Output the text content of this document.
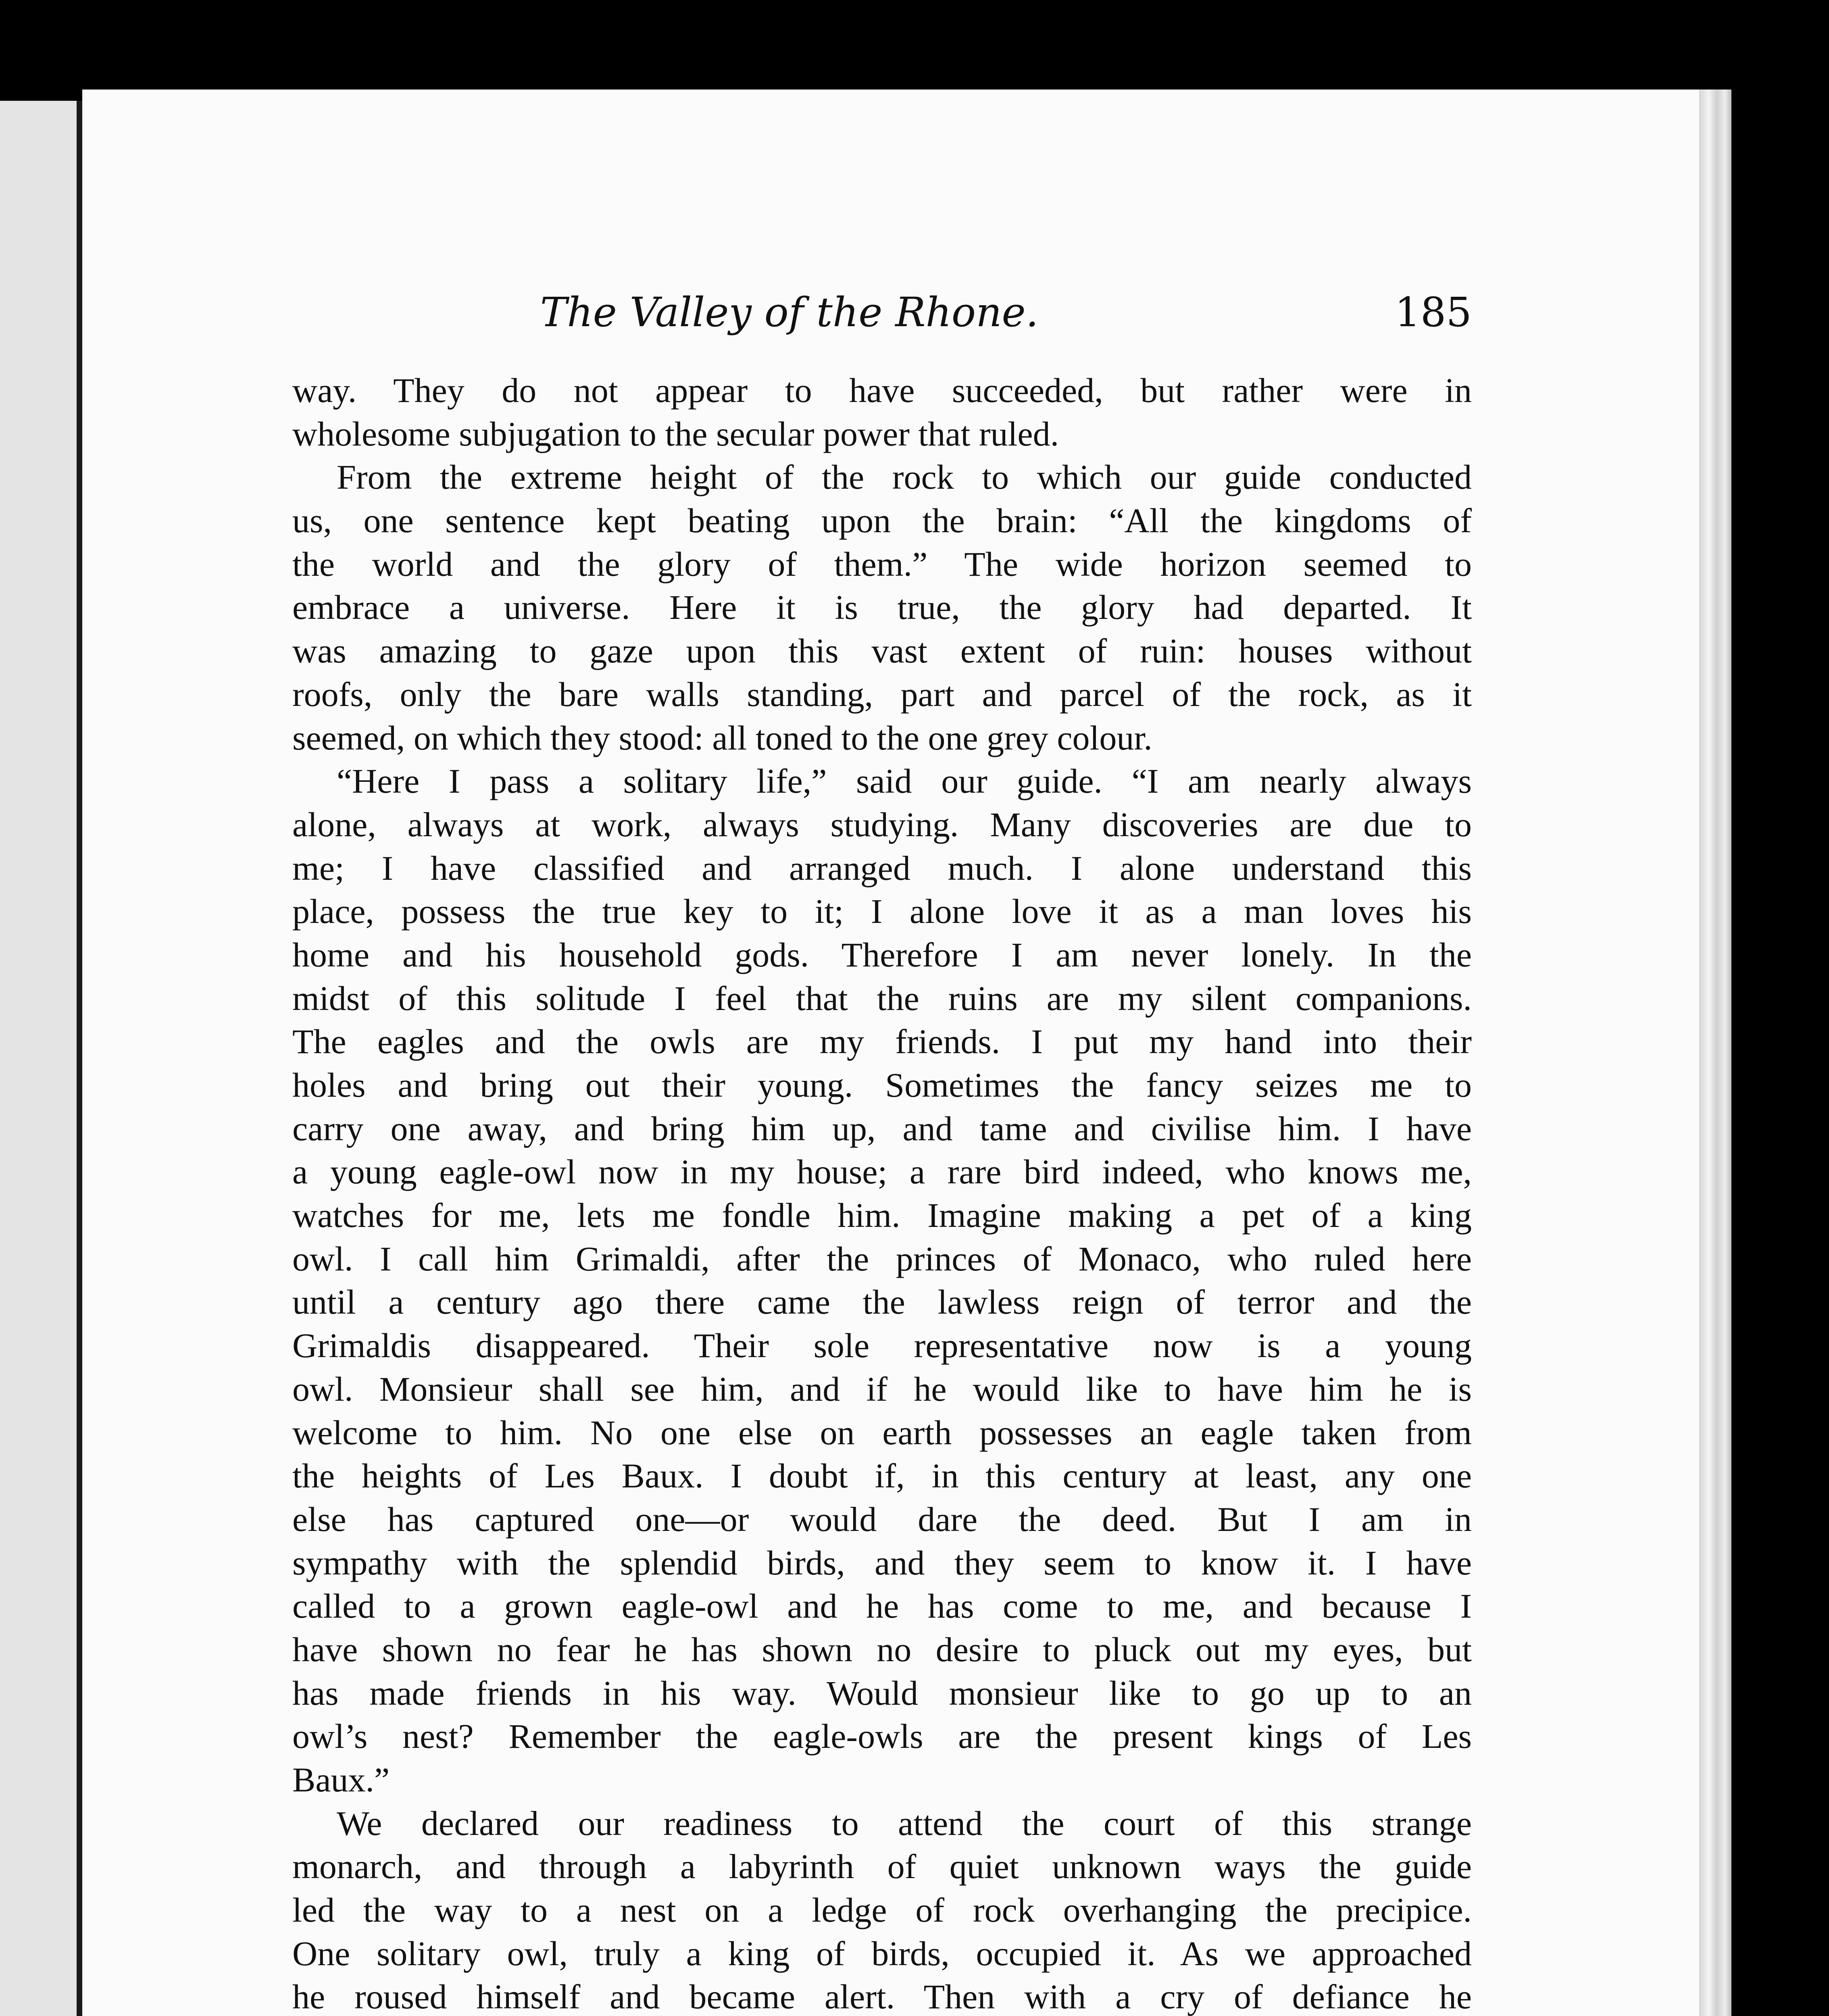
The Valley of the Rhone.	185
way. They do not appear to have succeeded, but rather were in
wholesome subjugation to the secular power that ruled.
From the extreme height of the rock to which our guide conducted
us, one sentence kept beating upon the brain: “All the kingdoms of
the world and the glory of them.” The wide horizon seemed to
embrace a universe. Here it is true, the glory had departed. It
was amazing to gaze upon this vast extent of ruin: houses without
roofs, only the bare walls standing, part and parcel of the rock, as it
seemed, on which they stood: all toned to the one grey colour.
“Here I pass a solitary life,” said our guide. “I am nearly always
alone, always at work, always studying. Many discoveries are due to
me; I have classified and arranged much. I alone understand this
place, possess the true key to it; I alone love it as a man loves his
home and his household gods. Therefore I am never lonely. In the
midst of this solitude I feel that the ruins are my silent companions.
The eagles and the owls are my friends. I put my hand into their
holes and bring out their young. Sometimes the fancy seizes me to
carry one away, and bring him up, and tame and civilise him. I have
a young eagle-owl now in my house; a rare bird indeed, who knows me,
watches for me, lets me fondle him. Imagine making a pet of a king
owl. I call him Grimaldi, after the princes of Monaco, who ruled here
until a century ago there came the lawless reign of terror and the
Grimaldis disappeared. Their sole representative now is a young
owl. Monsieur shall see him, and if he would like to have him he is
welcome to him. No one else on earth possesses an eagle taken from
the heights of Les Baux. I doubt if, in this century at least, any one
else has captured one—or would dare the deed. But I am in
sympathy with the splendid birds, and they seem to know it. I have
called to a grown eagle-owl and he has come to me, and because I
have shown no fear he has shown no desire to pluck out my eyes, but
has made friends in his way. Would monsieur like to go up to an
owl’s nest? Remember the eagle-owls are the present kings of Les
Baux.”
We declared our readiness to attend the court of this strange
monarch, and through a labyrinth of quiet unknown ways the guide
led the way to a nest on a ledge of rock overhanging the precipice.
One solitary owl, truly a king of birds, occupied it. As we approached
he roused himself and became alert. Then with a cry of defiance he
